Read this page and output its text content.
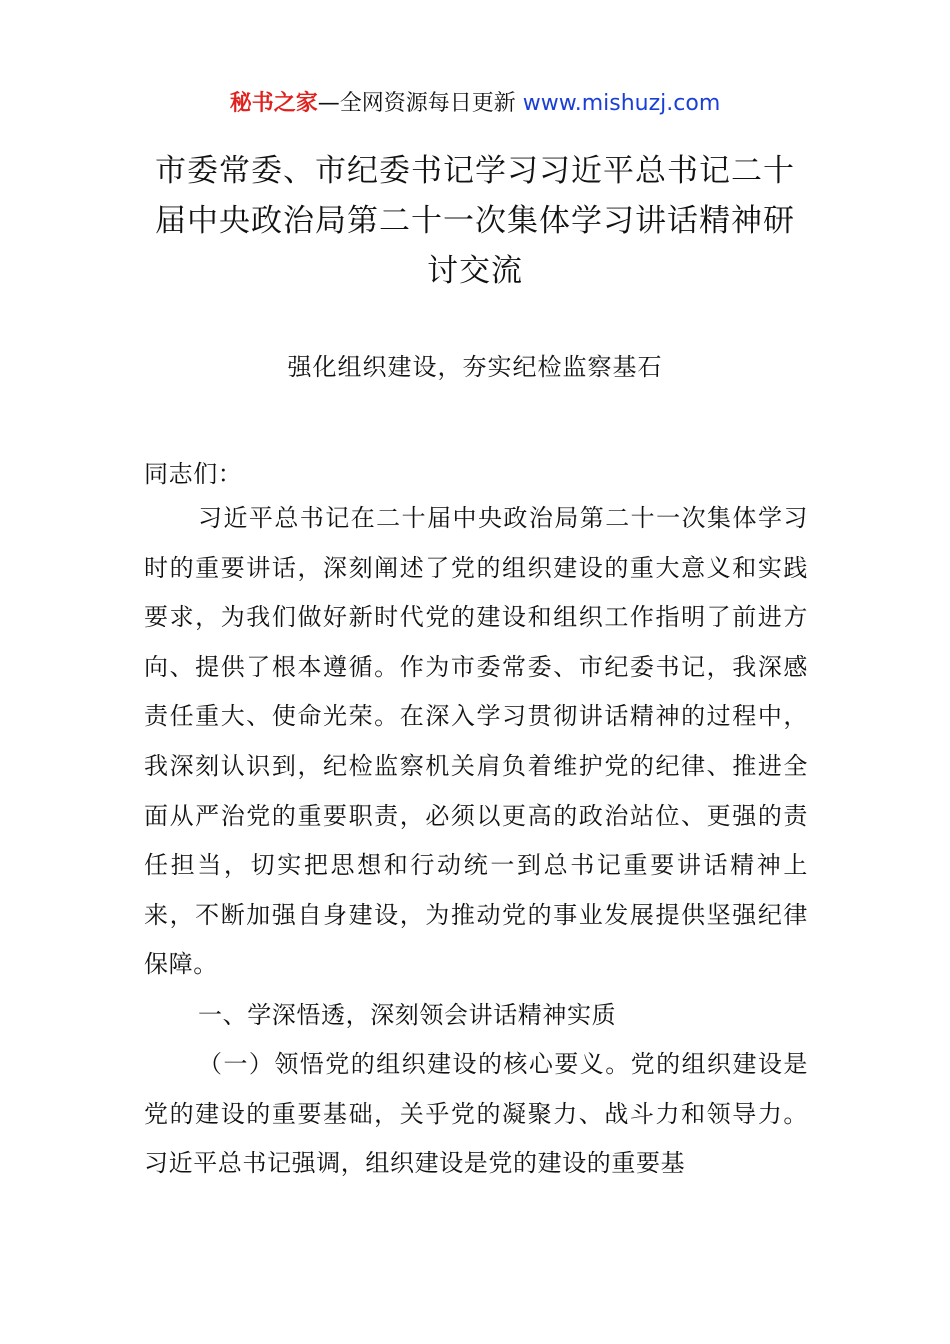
秘书之家—全网资源每日更新 www.mishuzj.com
市委常委、市纪委书记学习习近平总书记二十届中央政治局第二十一次集体学习讲话精神研讨交流
强化组织建设，夯实纪检监察基石

同志们：

习近平总书记在二十届中央政治局第二十一次集体学习时的重要讲话，深刻阐述了党的组织建设的重大意义和实践要求，为我们做好新时代党的建设和组织工作指明了前进方向、提供了根本遵循。作为市委常委、市纪委书记，我深感责任重大、使命光荣。在深入学习贯彻讲话精神的过程中，我深刻认识到，纪检监察机关肩负着维护党的纪律、推进全面从严治党的重要职责，必须以更高的政治站位、更强的责任担当，切实把思想和行动统一到总书记重要讲话精神上来，不断加强自身建设，为推动党的事业发展提供坚强纪律保障。

一、学深悟透，深刻领会讲话精神实质

（一）领悟党的组织建设的核心要义。党的组织建设是党的建设的重要基础，关乎党的凝聚力、战斗力和领导力。习近平总书记强调，组织建设是党的建设的重要基
